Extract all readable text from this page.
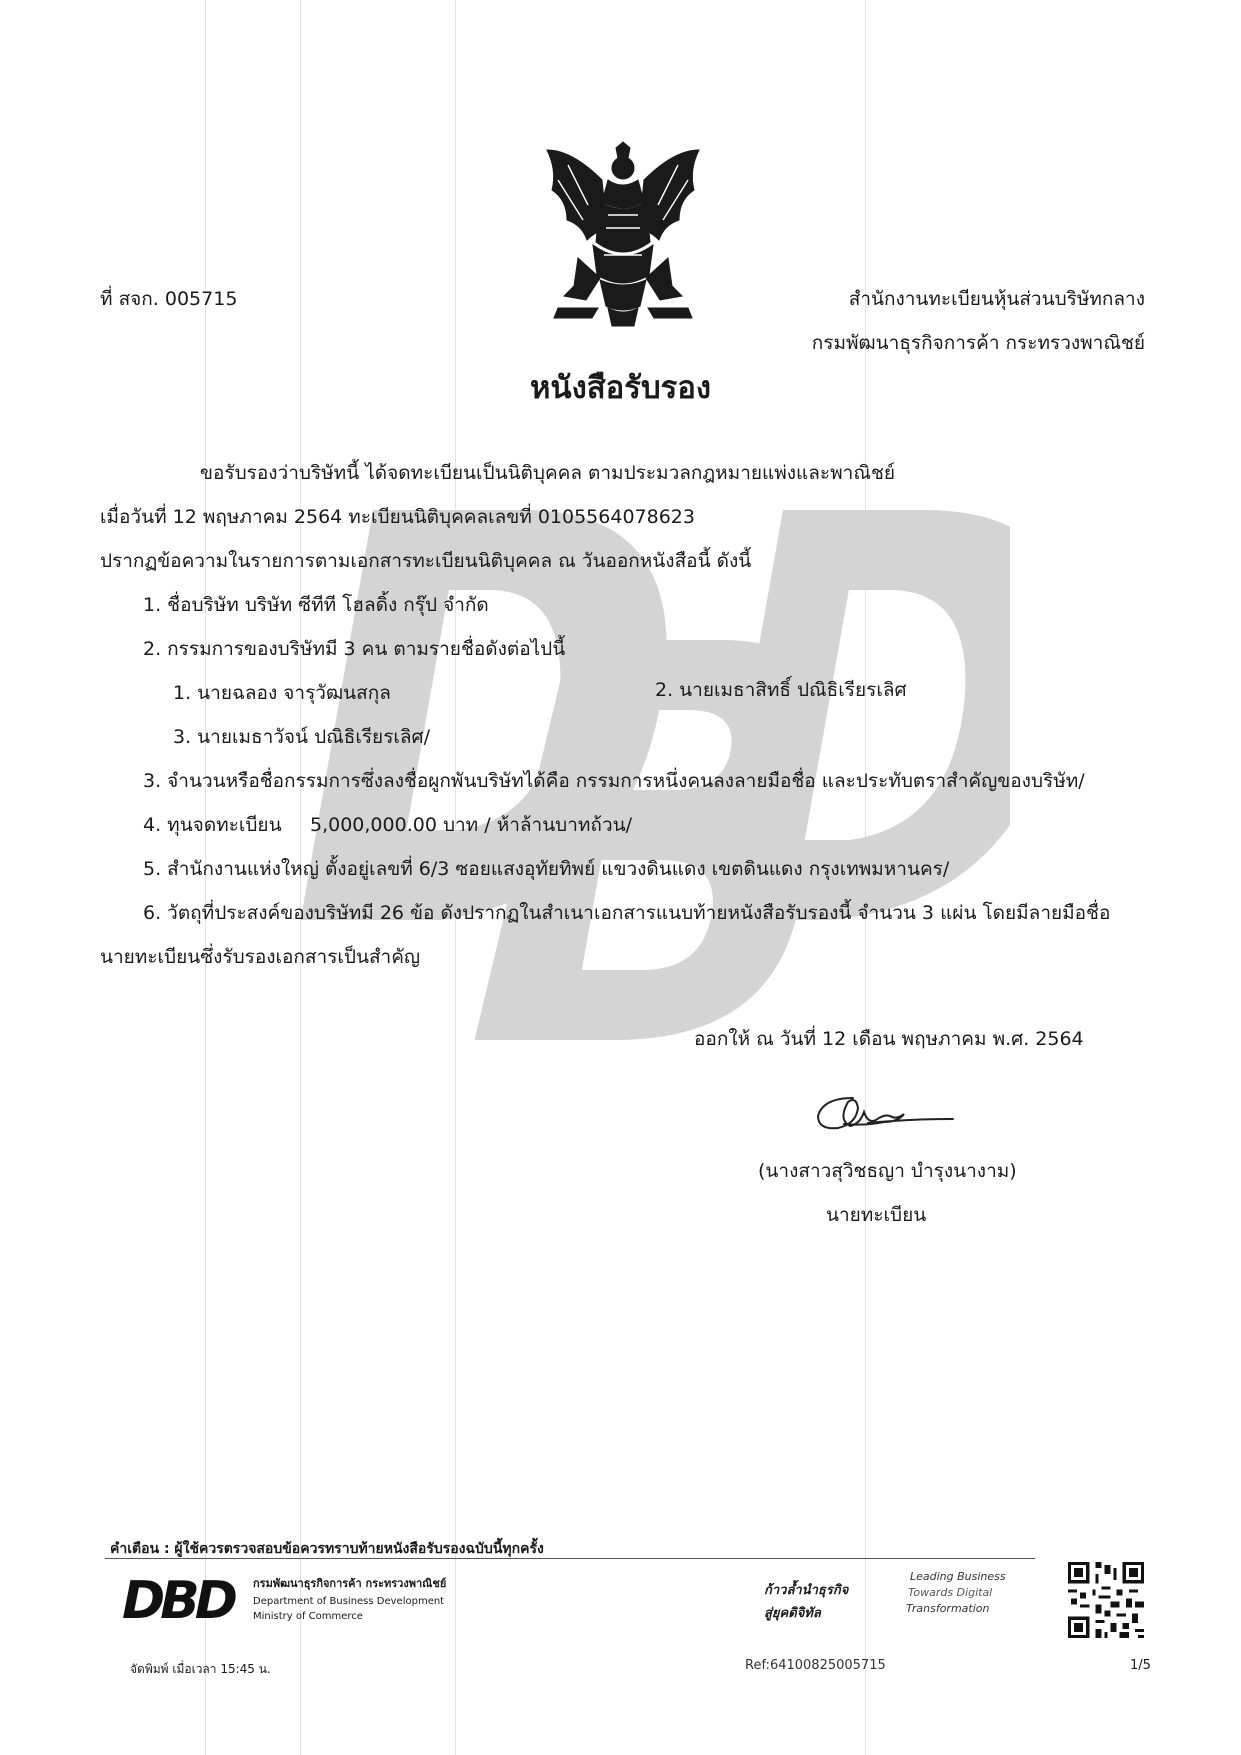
ที่ สจก. 005715	สำนักงานทะเบียนหุ้นส่วนบริษัทกลาง
กรมพัฒนาธุรกิจการค้า กระทรวงพาณิชย์
หนังสือรับรอง
ขอรับรองว่าบริษัทนี้ ได้จดทะเบียนเป็นนิติบุคคล ตามประมวลกฎหมายแพ่งและพาณิชย์
เมื่อวันที่ 12 พฤษภาคม 2564 ทะเบียนนิติบุคคลเลขที่ 0105564078623
ปรากฏข้อความในรายการตามเอกสารทะเบียนนิติบุคคล ณ วันออกหนังสือนี้ ดังนี้
1. ชื่อบริษัท บริษัท ซีทีที โฮลดิ้ง กรุ๊ป จำกัด
2. กรรมการของบริษัทมี 3 คน ตามรายชื่อดังต่อไปนี้
1. นายฉลอง จารุวัฒนสกุล	2. นายเมธาสิทธิ์ ปณิธิเรียรเลิศ
3. นายเมธาวัจน์ ปณิธิเรียรเลิศ/
3. จำนวนหรือชื่อกรรมการซึ่งลงชื่อผูกพันบริษัทได้คือ กรรมการหนึ่งคนลงลายมือชื่อ และประทับตราสำคัญของบริษัท/
4. ทุนจดทะเบียน 5,000,000.00 บาท / ห้าล้านบาทถ้วน/
5. สำนักงานแห่งใหญ่ ตั้งอยู่เลขที่ 6/3 ซอยแสงอุทัยทิพย์ แขวงดินแดง เขตดินแดง กรุงเทพมหานคร/
6. วัตถุที่ประสงค์ของบริษัทมี 26 ข้อ ดังปรากฏในสำเนาเอกสารแนบท้ายหนังสือรับรองนี้ จำนวน 3 แผ่น โดยมีลายมือชื่อ
นายทะเบียนซึ่งรับรองเอกสารเป็นสำคัญ
ออกให้ ณ วันที่ 12 เดือน พฤษภาคม พ.ศ. 2564
(นางสาวสุวิชธญา บำรุงนางาม)
นายทะเบียน
คำเตือน : ผู้ใช้ควรตรวจสอบข้อควรทราบท้ายหนังสือรับรองฉบับนี้ทุกครั้ง
DBD กรมพัฒนาธุรกิจการค้า กระทรวงพาณิชย์
Department of Business Development
Ministry of Commerce
ก้าวล้ำนำธุรกิจ
สู่ยุคดิจิทัล
Leading Business
Towards Digital
Transformation
จัดพิมพ์ เมื่อเวลา 15:45 น.	Ref:64100825005715	1/5
